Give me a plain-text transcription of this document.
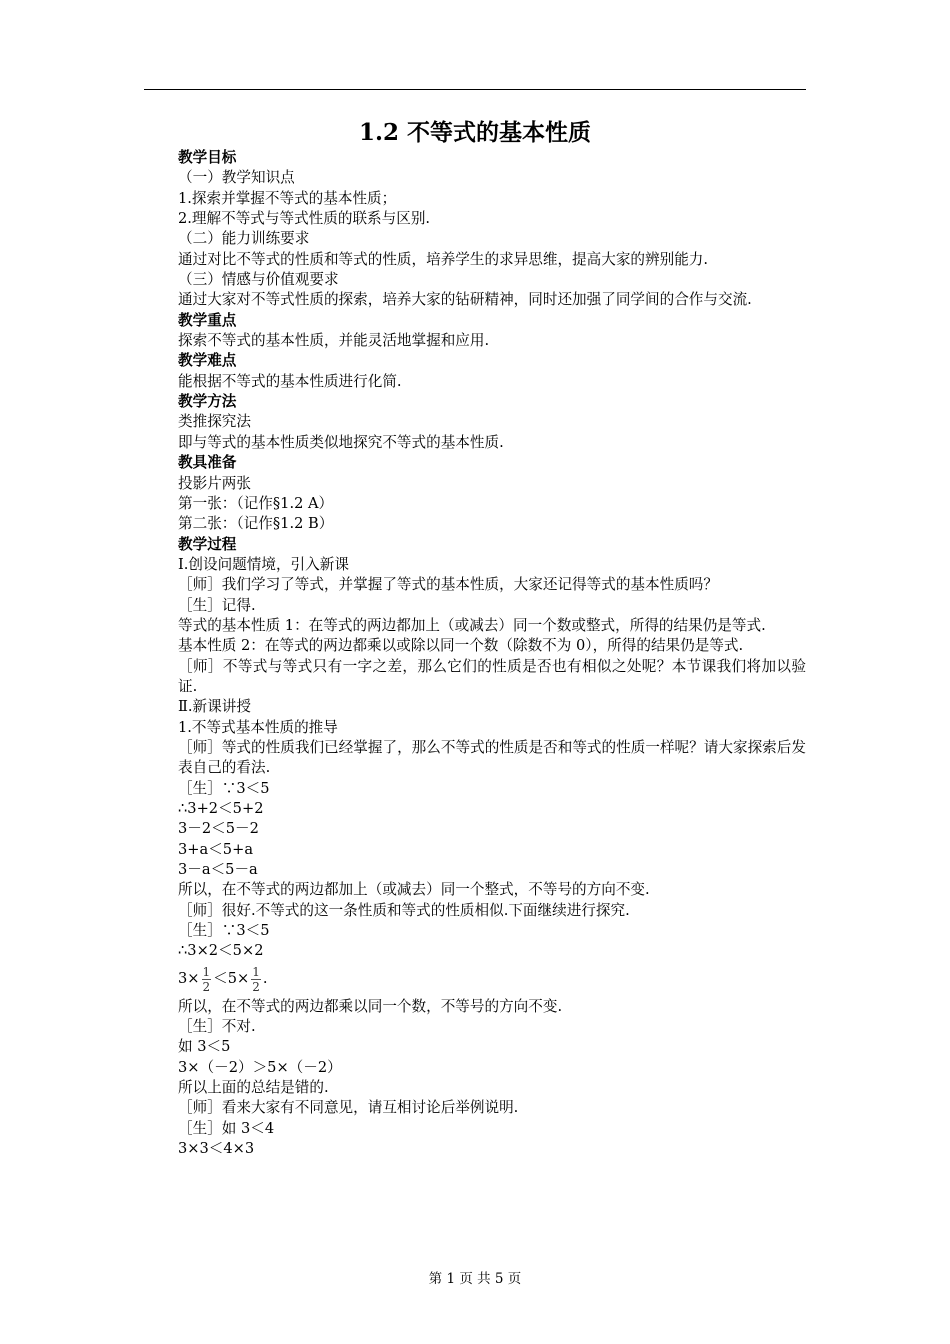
1.2 不等式的基本性质
教学目标
（一）教学知识点
1.探索并掌握不等式的基本性质；
2.理解不等式与等式性质的联系与区别.
（二）能力训练要求
通过对比不等式的性质和等式的性质，培养学生的求异思维，提高大家的辨别能力.
（三）情感与价值观要求
通过大家对不等式性质的探索，培养大家的钻研精神，同时还加强了同学间的合作与交流.
教学重点
探索不等式的基本性质，并能灵活地掌握和应用.
教学难点
能根据不等式的基本性质进行化简.
教学方法
类推探究法
即与等式的基本性质类似地探究不等式的基本性质.
教具准备
投影片两张
第一张：（记作§1.2 A）
第二张：（记作§1.2 B）
教学过程
Ⅰ.创设问题情境，引入新课
［师］我们学习了等式，并掌握了等式的基本性质，大家还记得等式的基本性质吗？
［生］记得.
等式的基本性质 1：在等式的两边都加上（或减去）同一个数或整式，所得的结果仍是等式.
基本性质 2：在等式的两边都乘以或除以同一个数（除数不为 0），所得的结果仍是等式.
［师］不等式与等式只有一字之差，那么它们的性质是否也有相似之处呢？本节课我们将加以验证.
Ⅱ.新课讲授
1.不等式基本性质的推导
［师］等式的性质我们已经掌握了，那么不等式的性质是否和等式的性质一样呢？请大家探索后发表自己的看法.
［生］∵3＜5
∴3+2＜5+2
3－2＜5－2
3+a＜5+a
3－a＜5－a
所以，在不等式的两边都加上（或减去）同一个整式，不等号的方向不变.
［师］很好.不等式的这一条性质和等式的性质相似.下面继续进行探究.
［生］∵3＜5
∴3×2＜5×2
$3\times \frac{1}{2} <5\times \frac{1}{2}$ .
所以，在不等式的两边都乘以同一个数，不等号的方向不变.
［生］不对.
如 3＜5
3×（－2）＞5×（－2）
所以上面的总结是错的.
［师］看来大家有不同意见，请互相讨论后举例说明.
［生］如 3＜4
3×3＜4×3
第 1 页 共 5 页
